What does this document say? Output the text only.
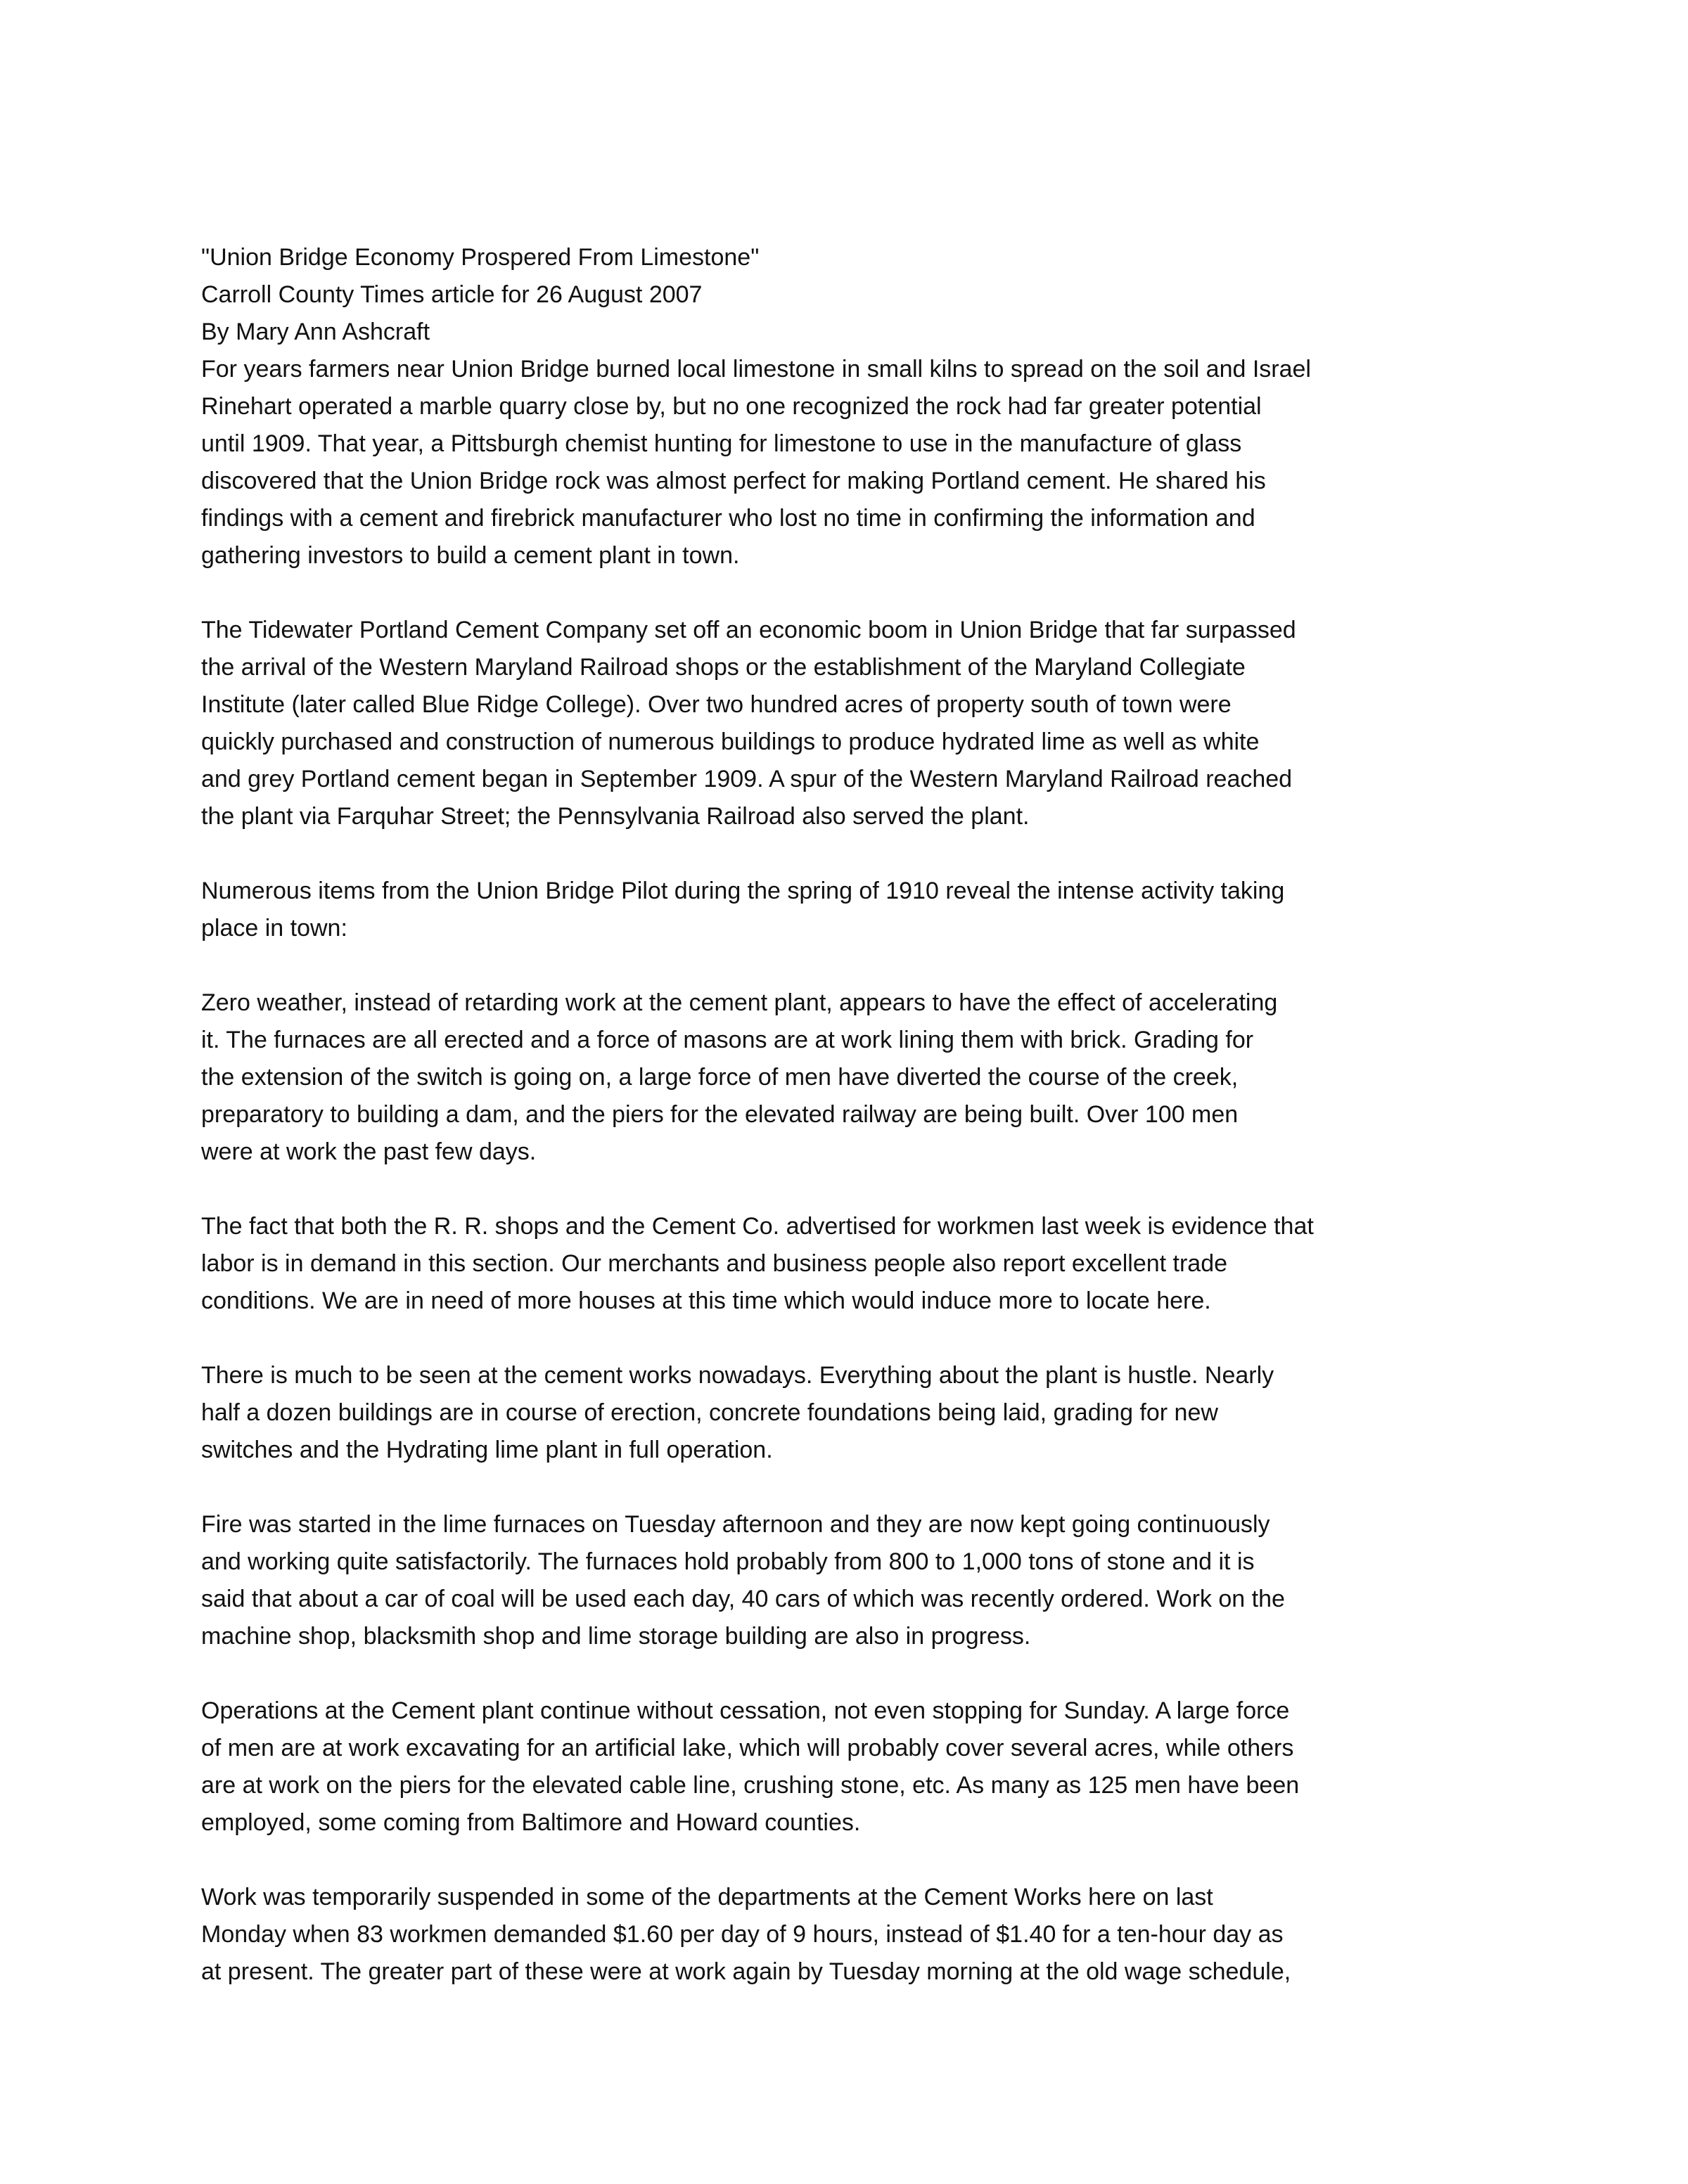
"Union Bridge Economy Prospered From Limestone"
Carroll County Times article for 26 August 2007
By Mary Ann Ashcraft
For years farmers near Union Bridge burned local limestone in small kilns to spread on the soil and Israel
Rinehart operated a marble quarry close by, but no one recognized the rock had far greater potential
until 1909. That year, a Pittsburgh chemist hunting for limestone to use in the manufacture of glass
discovered that the Union Bridge rock was almost perfect for making Portland cement. He shared his
findings with a cement and firebrick manufacturer who lost no time in confirming the information and
gathering investors to build a cement plant in town.
The Tidewater Portland Cement Company set off an economic boom in Union Bridge that far surpassed
the arrival of the Western Maryland Railroad shops or the establishment of the Maryland Collegiate
Institute (later called Blue Ridge College). Over two hundred acres of property south of town were
quickly purchased and construction of numerous buildings to produce hydrated lime as well as white
and grey Portland cement began in September 1909. A spur of the Western Maryland Railroad reached
the plant via Farquhar Street; the Pennsylvania Railroad also served the plant.
Numerous items from the Union Bridge Pilot during the spring of 1910 reveal the intense activity taking
place in town:
Zero weather, instead of retarding work at the cement plant, appears to have the effect of accelerating
it. The furnaces are all erected and a force of masons are at work lining them with brick. Grading for
the extension of the switch is going on, a large force of men have diverted the course of the creek,
preparatory to building a dam, and the piers for the elevated railway are being built. Over 100 men
were at work the past few days.
The fact that both the R. R. shops and the Cement Co. advertised for workmen last week is evidence that
labor is in demand in this section. Our merchants and business people also report excellent trade
conditions. We are in need of more houses at this time which would induce more to locate here.
There is much to be seen at the cement works nowadays. Everything about the plant is hustle. Nearly
half a dozen buildings are in course of erection, concrete foundations being laid, grading for new
switches and the Hydrating lime plant in full operation.
Fire was started in the lime furnaces on Tuesday afternoon and they are now kept going continuously
and working quite satisfactorily. The furnaces hold probably from 800 to 1,000 tons of stone and it is
said that about a car of coal will be used each day, 40 cars of which was recently ordered. Work on the
machine shop, blacksmith shop and lime storage building are also in progress.
Operations at the Cement plant continue without cessation, not even stopping for Sunday. A large force
of men are at work excavating for an artificial lake, which will probably cover several acres, while others
are at work on the piers for the elevated cable line, crushing stone, etc. As many as 125 men have been
employed, some coming from Baltimore and Howard counties.
Work was temporarily suspended in some of the departments at the Cement Works here on last
Monday when 83 workmen demanded $1.60 per day of 9 hours, instead of $1.40 for a ten-hour day as
at present. The greater part of these were at work again by Tuesday morning at the old wage schedule,
